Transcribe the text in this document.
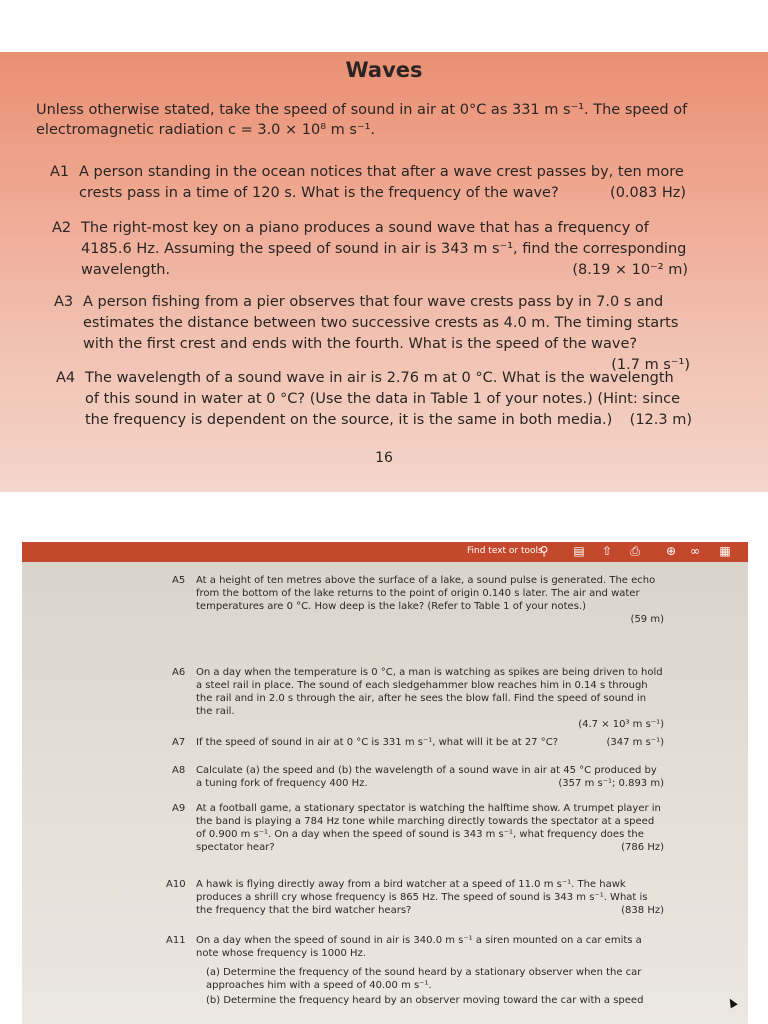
Waves
Unless otherwise stated, take the speed of sound in air at 0°C as 331 m s⁻¹. The speed of electromagnetic radiation c = 3.0 × 10⁸ m s⁻¹.
A1 A person standing in the ocean notices that after a wave crest passes by, ten more crests pass in a time of 120 s. What is the frequency of the wave?	(0.083 Hz)
A2 The right-most key on a piano produces a sound wave that has a frequency of 4185.6 Hz. Assuming the speed of sound in air is 343 m s⁻¹, find the corresponding wavelength.	(8.19 × 10⁻² m)
A3 A person fishing from a pier observes that four wave crests pass by in 7.0 s and estimates the distance between two successive crests as 4.0 m. The timing starts with the first crest and ends with the fourth. What is the speed of the wave?
(1.7 m s⁻¹)
A4 The wavelength of a sound wave in air is 2.76 m at 0 °C. What is the wavelength of this sound in water at 0 °C? (Use the data in Table 1 of your notes.) (Hint: since the frequency is dependent on the source, it is the same in both media.) (12.3 m)
16
Find text or tools
⚲ ▤ ⇧ ⎙ ⊕ ∞ ▦
A5 At a height of ten metres above the surface of a lake, a sound pulse is generated. The echo from the bottom of the lake returns to the point of origin 0.140 s later. The air and water temperatures are 0 °C. How deep is the lake? (Refer to Table 1 of your notes.)

(59 m)
A6 On a day when the temperature is 0 °C, a man is watching as spikes are being driven to hold a steel rail in place. The sound of each sledgehammer blow reaches him in 0.14 s through the rail and in 2.0 s through the air, after he sees the blow fall. Find the speed of sound in the rail.

(4.7 × 10³ m s⁻¹)
A7 If the speed of sound in air at 0 °C is 331 m s⁻¹, what will it be at 27 °C?	(347 m s⁻¹)
A8 Calculate (a) the speed and (b) the wavelength of a sound wave in air at 45 °C produced by a tuning fork of frequency 400 Hz.	(357 m s⁻¹; 0.893 m)
A9 At a football game, a stationary spectator is watching the halftime show. A trumpet player in the band is playing a 784 Hz tone while marching directly towards the spectator at a speed of 0.900 m s⁻¹. On a day when the speed of sound is 343 m s⁻¹, what frequency does the spectator hear?	(786 Hz)
A10 A hawk is flying directly away from a bird watcher at a speed of 11.0 m s⁻¹. The hawk produces a shrill cry whose frequency is 865 Hz. The speed of sound is 343 m s⁻¹. What is the frequency that the bird watcher hears?	(838 Hz)
A11 On a day when the speed of sound in air is 340.0 m s⁻¹ a siren mounted on a car emits a note whose frequency is 1000 Hz.
(a) Determine the frequency of the sound heard by a stationary observer when the car approaches him with a speed of 40.00 m s⁻¹.
(b) Determine the frequency heard by an observer moving toward the car with a speed
